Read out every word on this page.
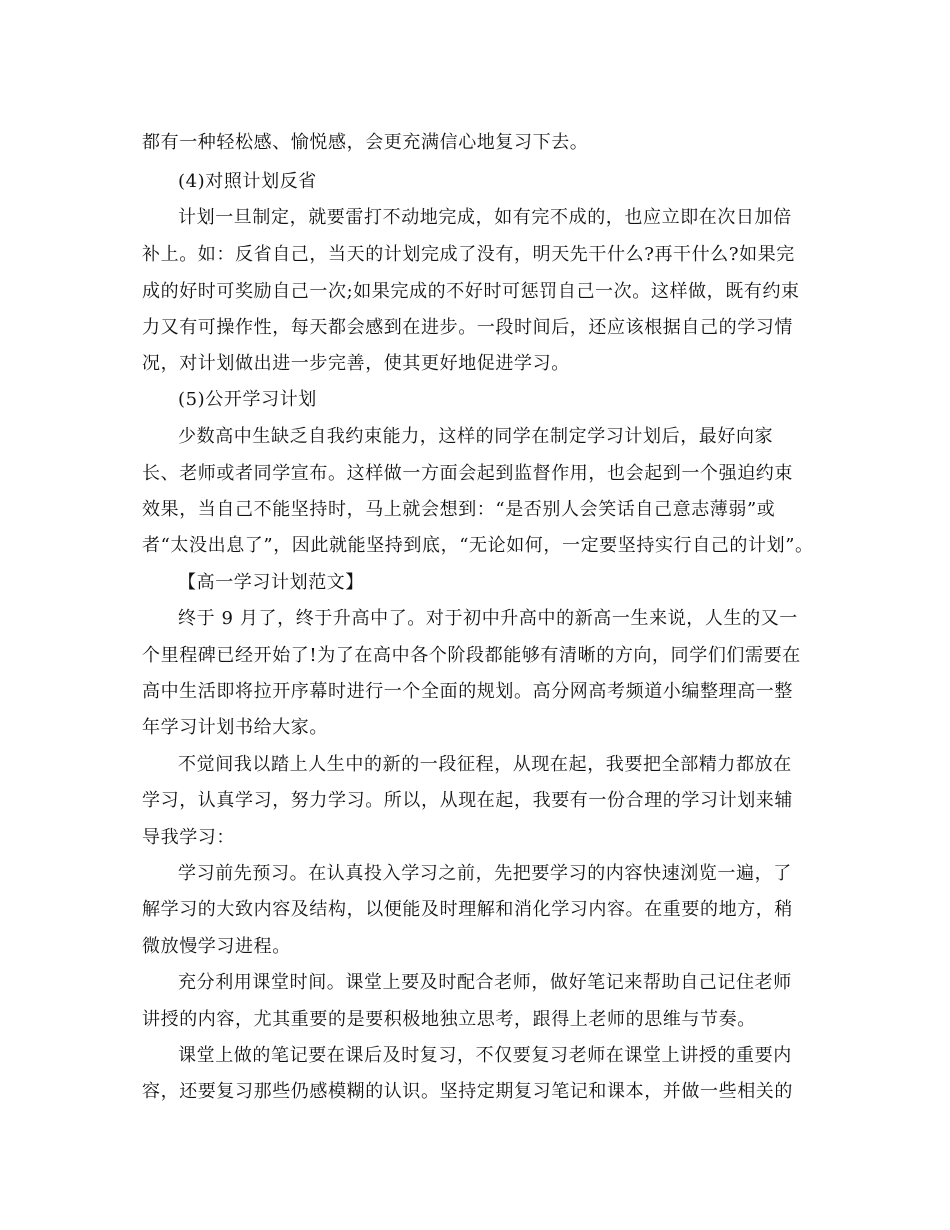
都有一种轻松感、愉悦感，会更充满信心地复习下去。
(4)对照计划反省
计划一旦制定，就要雷打不动地完成，如有完不成的，也应立即在次日加倍
补上。如：反省自己，当天的计划完成了没有，明天先干什么?再干什么?如果完
成的好时可奖励自己一次;如果完成的不好时可惩罚自己一次。这样做，既有约束
力又有可操作性，每天都会感到在进步。一段时间后，还应该根据自己的学习情
况，对计划做出进一步完善，使其更好地促进学习。
(5)公开学习计划
少数高中生缺乏自我约束能力，这样的同学在制定学习计划后，最好向家
长、老师或者同学宣布。这样做一方面会起到监督作用，也会起到一个强迫约束
效果，当自己不能坚持时，马上就会想到：“是否别人会笑话自己意志薄弱”或
者“太没出息了”，因此就能坚持到底，“无论如何，一定要坚持实行自己的计划”。
【高一学习计划范文】
终于 9 月了，终于升高中了。对于初中升高中的新高一生来说，人生的又一
个里程碑已经开始了!为了在高中各个阶段都能够有清晰的方向，同学们们需要在
高中生活即将拉开序幕时进行一个全面的规划。高分网高考频道小编整理高一整
年学习计划书给大家。
不觉间我以踏上人生中的新的一段征程，从现在起，我要把全部精力都放在
学习，认真学习，努力学习。所以，从现在起，我要有一份合理的学习计划来辅
导我学习：
学习前先预习。在认真投入学习之前，先把要学习的内容快速浏览一遍，了
解学习的大致内容及结构，以便能及时理解和消化学习内容。在重要的地方，稍
微放慢学习进程。
充分利用课堂时间。课堂上要及时配合老师，做好笔记来帮助自己记住老师
讲授的内容，尤其重要的是要积极地独立思考，跟得上老师的思维与节奏。
课堂上做的笔记要在课后及时复习，不仅要复习老师在课堂上讲授的重要内
容，还要复习那些仍感模糊的认识。坚持定期复习笔记和课本，并做一些相关的
